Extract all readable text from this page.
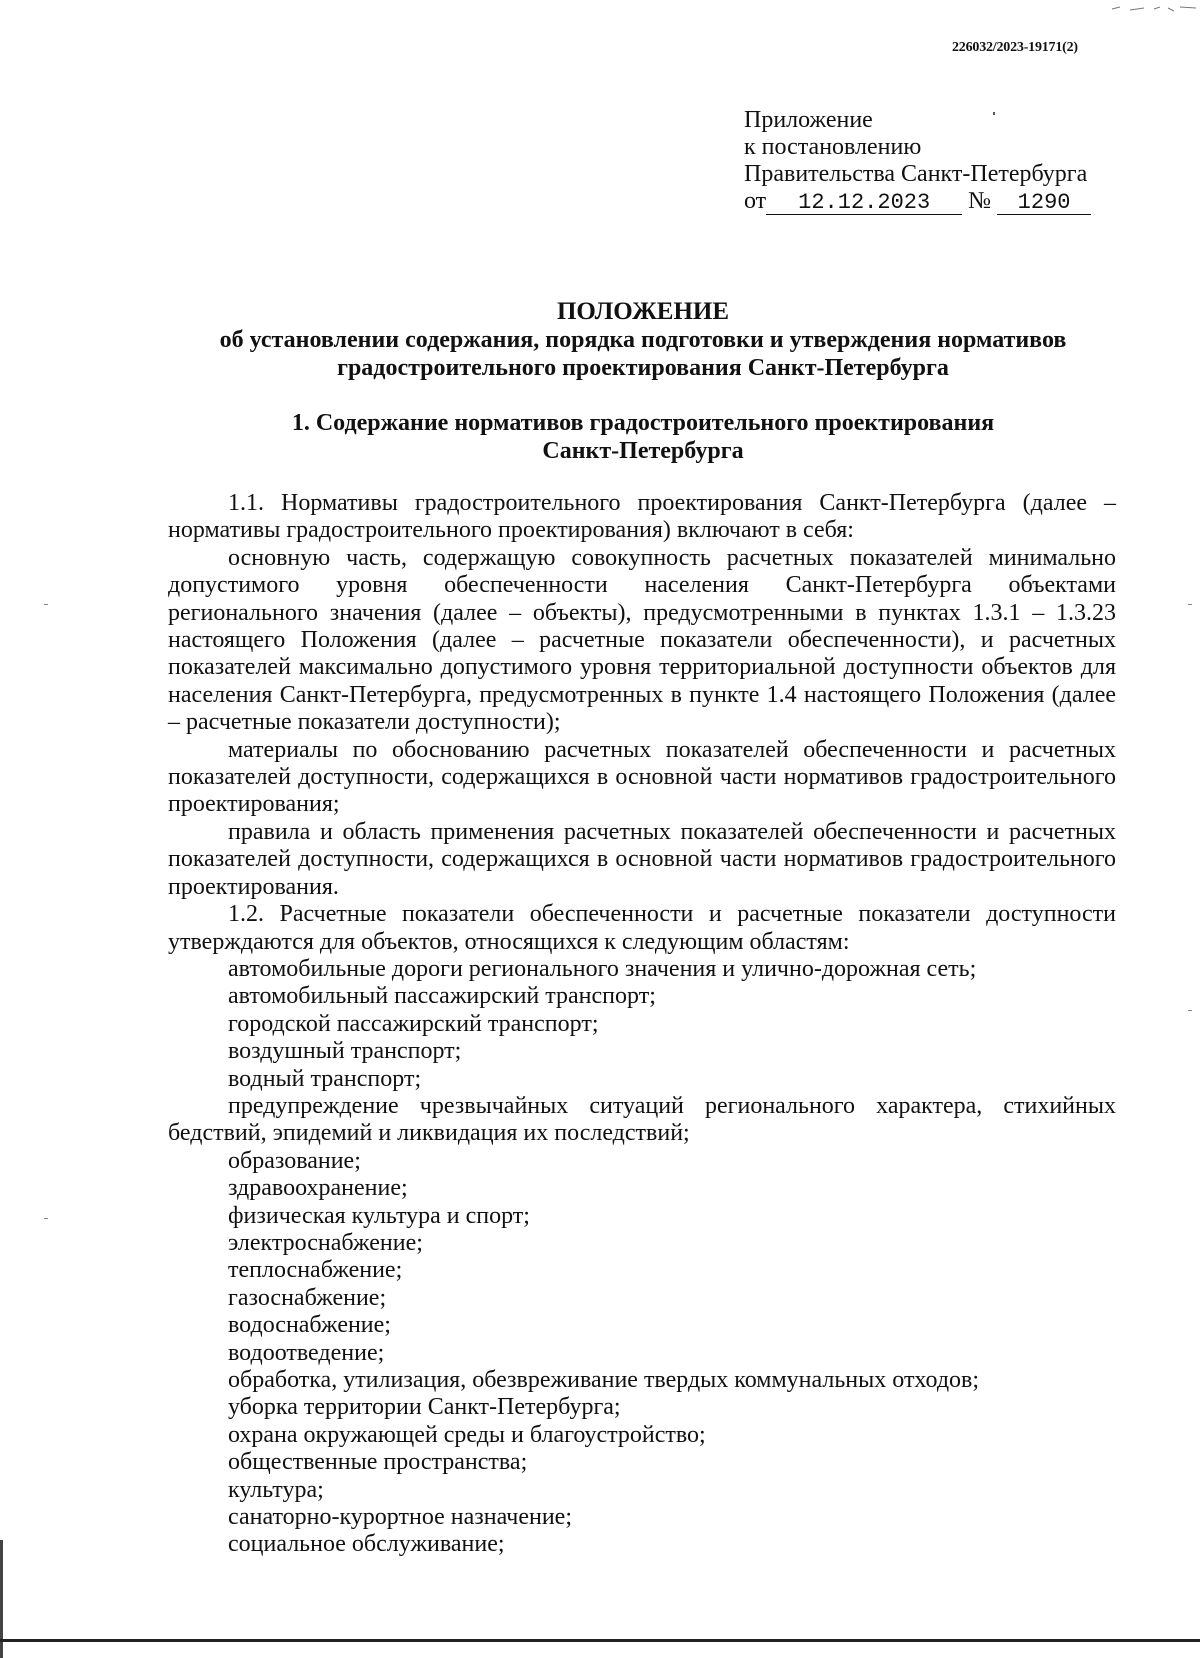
226032/2023-19171(2)
Приложение
к постановлению
Правительства Санкт-Петербурга
от 12.12.2023 № 1290
ПОЛОЖЕНИЕ
об установлении содержания, порядка подготовки и утверждения нормативов
градостроительного проектирования Санкт-Петербурга
1. Содержание нормативов градостроительного проектирования
Санкт-Петербурга

1.1. Нормативы градостроительного проектирования Санкт-Петербурга (далее – нормативы градостроительного проектирования) включают в себя:

основную часть, содержащую совокупность расчетных показателей минимально допустимого уровня обеспеченности населения Санкт-Петербурга объектами регионального значения (далее – объекты), предусмотренными в пунктах 1.3.1 – 1.3.23 настоящего Положения (далее – расчетные показатели обеспеченности), и расчетных показателей максимально допустимого уровня территориальной доступности объектов для населения Санкт-Петербурга, предусмотренных в пункте 1.4 настоящего Положения (далее – расчетные показатели доступности);

материалы по обоснованию расчетных показателей обеспеченности и расчетных показателей доступности, содержащихся в основной части нормативов градостроительного проектирования;

правила и область применения расчетных показателей обеспеченности и расчетных показателей доступности, содержащихся в основной части нормативов градостроительного проектирования.

1.2. Расчетные показатели обеспеченности и расчетные показатели доступности утверждаются для объектов, относящихся к следующим областям:

автомобильные дороги регионального значения и улично-дорожная сеть;

автомобильный пассажирский транспорт;

городской пассажирский транспорт;

воздушный транспорт;

водный транспорт;

предупреждение чрезвычайных ситуаций регионального характера, стихийных бедствий, эпидемий и ликвидация их последствий;

образование;

здравоохранение;

физическая культура и спорт;

электроснабжение;

теплоснабжение;

газоснабжение;

водоснабжение;

водоотведение;

обработка, утилизация, обезвреживание твердых коммунальных отходов;

уборка территории Санкт-Петербурга;

охрана окружающей среды и благоустройство;

общественные пространства;

культура;

санаторно-курортное назначение;

социальное обслуживание;
